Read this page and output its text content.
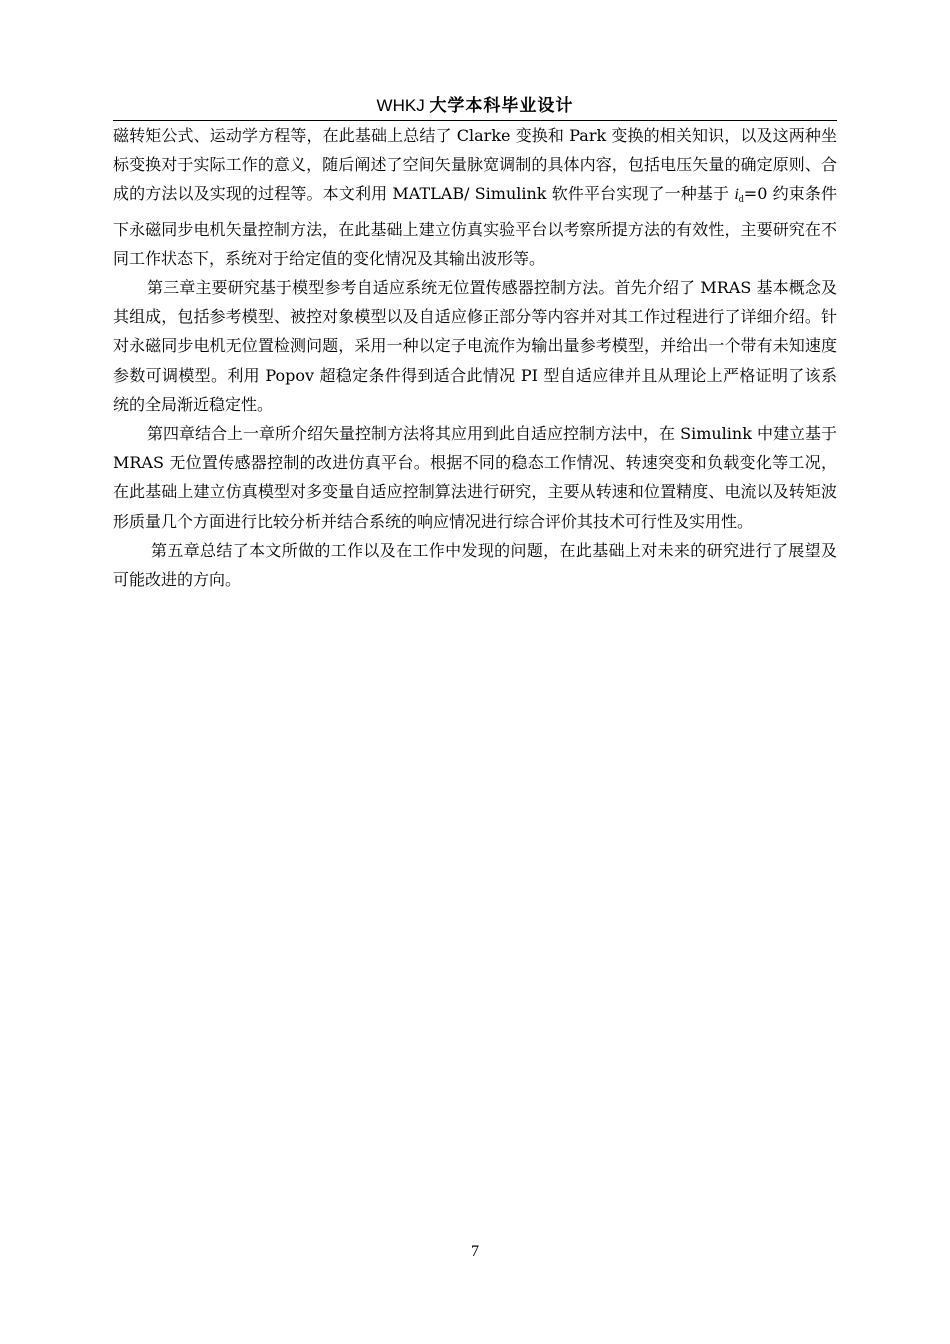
WHKJ 大学本科毕业设计

磁转矩公式、运动学方程等，在此基础上总结了 Clarke 变换和 Park 变换的相关知识，以及这两种坐标变换对于实际工作的意义，随后阐述了空间矢量脉宽调制的具体内容，包括电压矢量的确定原则、合成的方法以及实现的过程等。本文利用 MATLAB/ Simulink 软件平台实现了一种基于 $i_d=0$ 约束条件下永磁同步电机矢量控制方法，在此基础上建立仿真实验平台以考察所提方法的有效性，主要研究在不同工作状态下，系统对于给定值的变化情况及其输出波形等。

第三章主要研究基于模型参考自适应系统无位置传感器控制方法。首先介绍了 MRAS 基本概念及其组成，包括参考模型、被控对象模型以及自适应修正部分等内容并对其工作过程进行了详细介绍。针对永磁同步电机无位置检测问题，采用一种以定子电流作为输出量参考模型，并给出一个带有未知速度参数可调模型。利用 Popov 超稳定条件得到适合此情况 PI 型自适应律并且从理论上严格证明了该系统的全局渐近稳定性。

第四章结合上一章所介绍矢量控制方法将其应用到此自适应控制方法中，在 Simulink 中建立基于 MRAS 无位置传感器控制的改进仿真平台。根据不同的稳态工作情况、转速突变和负载变化等工况，在此基础上建立仿真模型对多变量自适应控制算法进行研究，主要从转速和位置精度、电流以及转矩波形质量几个方面进行比较分析并结合系统的响应情况进行综合评价其技术可行性及实用性。

第五章总结了本文所做的工作以及在工作中发现的问题，在此基础上对未来的研究进行了展望及可能改进的方向。

7
